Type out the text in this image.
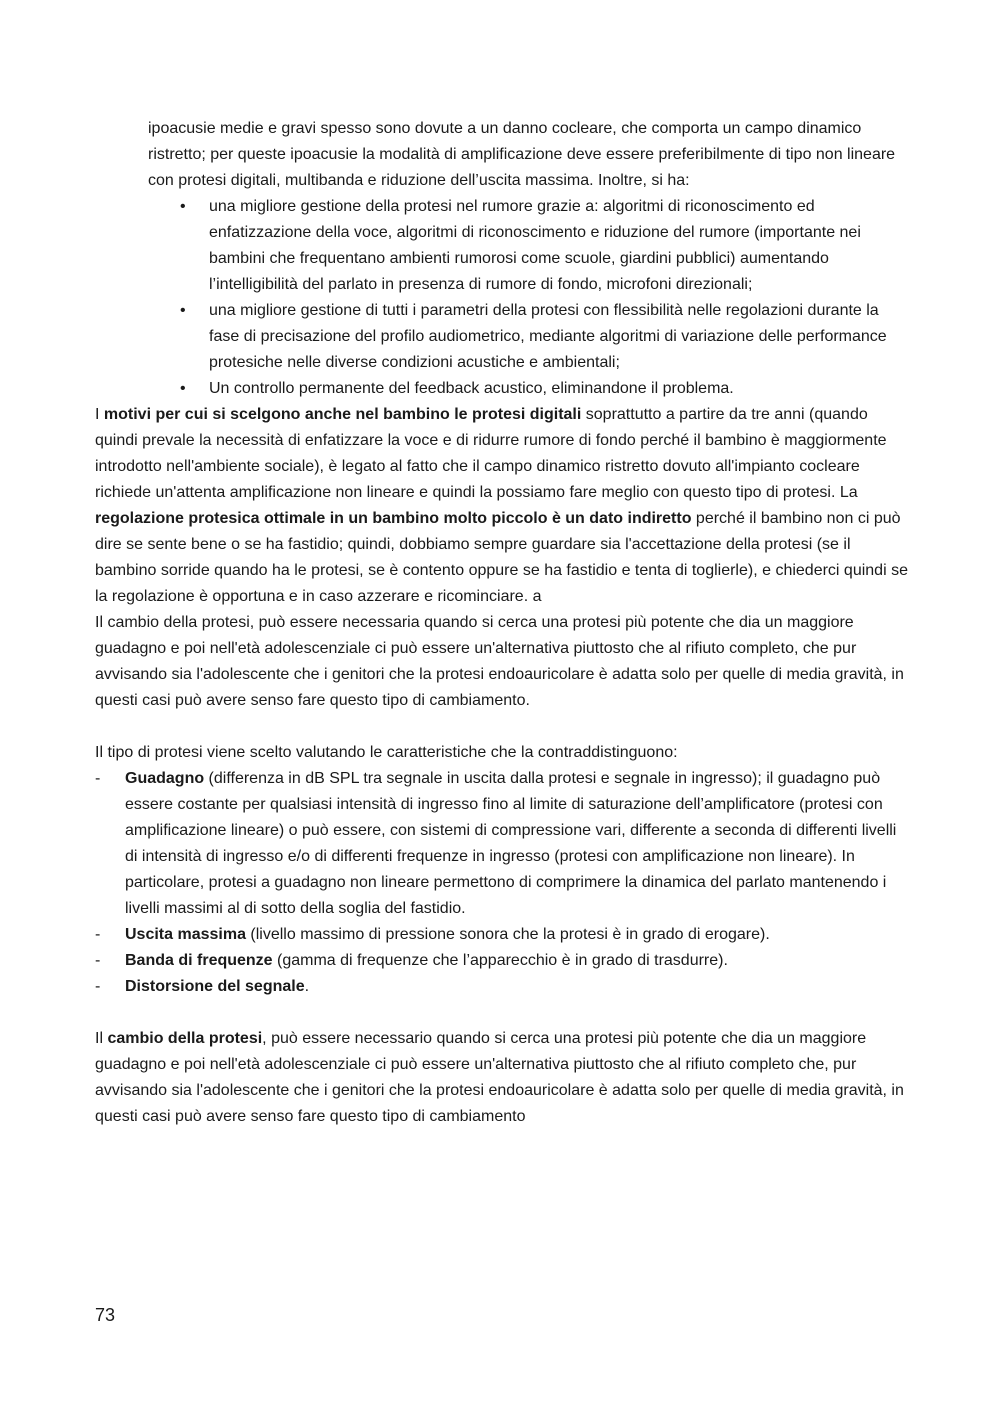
ipoacusie medie e gravi spesso sono dovute a un danno cocleare, che comporta un campo dinamico ristretto; per queste ipoacusie la modalità di amplificazione deve essere preferibilmente di tipo non lineare con protesi digitali, multibanda e riduzione dell’uscita massima. Inoltre, si ha:

• una migliore gestione della protesi nel rumore grazie a: algoritmi di riconoscimento ed enfatizzazione della voce, algoritmi di riconoscimento e riduzione del rumore (importante nei bambini che frequentano ambienti rumorosi come scuole, giardini pubblici) aumentando l’intelligibilità del parlato in presenza di rumore di fondo, microfoni direzionali;
• una migliore gestione di tutti i parametri della protesi con flessibilità nelle regolazioni durante la fase di precisazione del profilo audiometrico, mediante algoritmi di variazione delle performance protesiche nelle diverse condizioni acustiche e ambientali;
• Un controllo permanente del feedback acustico, eliminandone il problema.

I motivi per cui si scelgono anche nel bambino le protesi digitali soprattutto a partire da tre anni (quando quindi prevale la necessità di enfatizzare la voce e di ridurre rumore di fondo perché il bambino è maggiormente introdotto nell'ambiente sociale), è legato al fatto che il campo dinamico ristretto dovuto all'impianto cocleare richiede un'attenta amplificazione non lineare e quindi la possiamo fare meglio con questo tipo di protesi. La regolazione protesica ottimale in un bambino molto piccolo è un dato indiretto perché il bambino non ci può dire se sente bene o se ha fastidio; quindi, dobbiamo sempre guardare sia l'accettazione della protesi (se il bambino sorride quando ha le protesi, se è contento oppure se ha fastidio e tenta di toglierle), e chiederci quindi se la regolazione è opportuna e in caso azzerare e ricominciare. a

Il cambio della protesi, può essere necessaria quando si cerca una protesi più potente che dia un maggiore guadagno e poi nell'età adolescenziale ci può essere un'alternativa piuttosto che al rifiuto completo, che pur avvisando sia l'adolescente che i genitori che la protesi endoauricolare è adatta solo per quelle di media gravità, in questi casi può avere senso fare questo tipo di cambiamento.

Il tipo di protesi viene scelto valutando le caratteristiche che la contraddistinguono:

- Guadagno (differenza in dB SPL tra segnale in uscita dalla protesi e segnale in ingresso); il guadagno può essere costante per qualsiasi intensità di ingresso fino al limite di saturazione dell’amplificatore (protesi con amplificazione lineare) o può essere, con sistemi di compressione vari, differente a seconda di differenti livelli di intensità di ingresso e/o di differenti frequenze in ingresso (protesi con amplificazione non lineare). In particolare, protesi a guadagno non lineare permettono di comprimere la dinamica del parlato mantenendo i livelli massimi al di sotto della soglia del fastidio.
- Uscita massima (livello massimo di pressione sonora che la protesi è in grado di erogare).
- Banda di frequenze (gamma di frequenze che l’apparecchio è in grado di trasdurre).
- Distorsione del segnale.

Il cambio della protesi, può essere necessario quando si cerca una protesi più potente che dia un maggiore guadagno e poi nell'età adolescenziale ci può essere un'alternativa piuttosto che al rifiuto completo che, pur avvisando sia l'adolescente che i genitori che la protesi endoauricolare è adatta solo per quelle di media gravità, in questi casi può avere senso fare questo tipo di cambiamento

73
